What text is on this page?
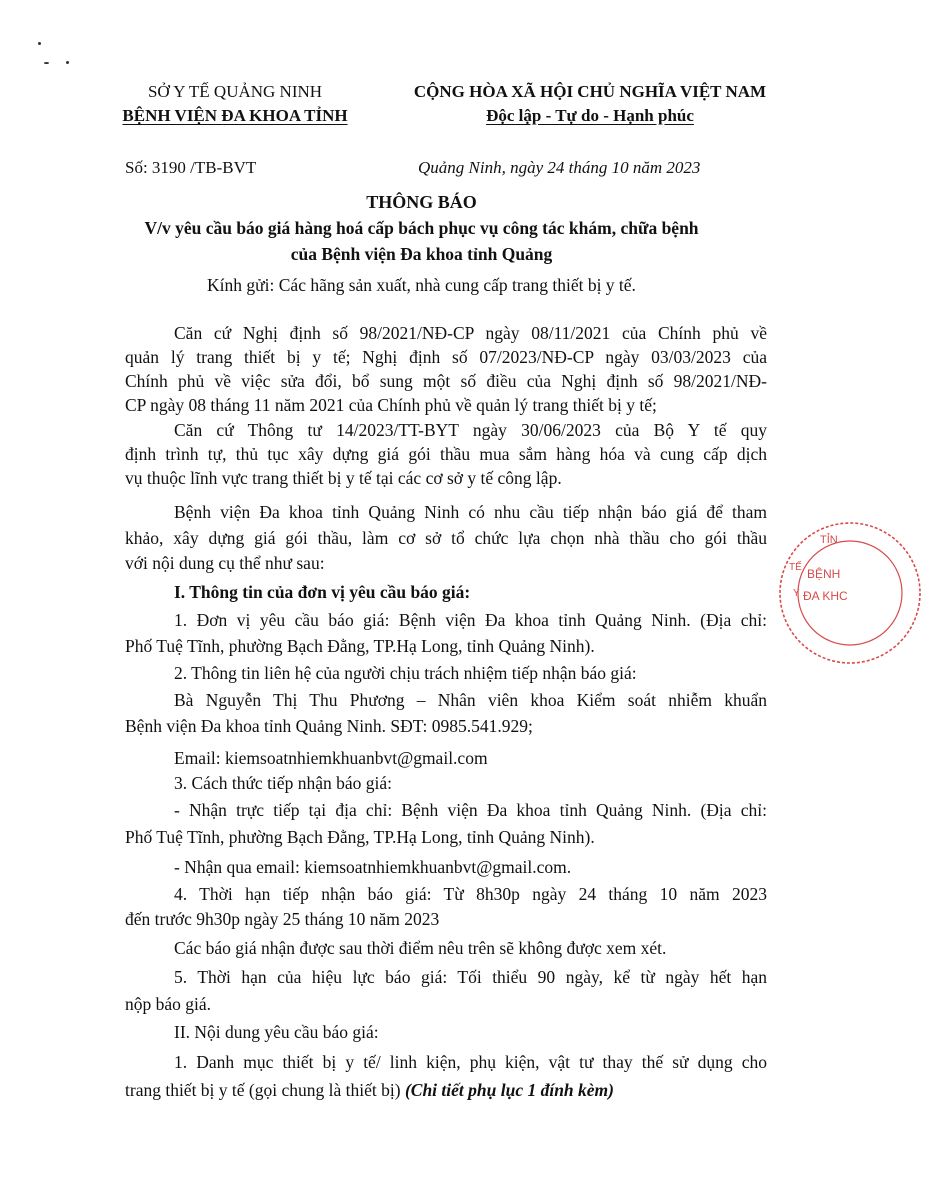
SỞ Y TẾ QUẢNG NINH
BỆNH VIỆN ĐA KHOA TỈNH
CỘNG HÒA XÃ HỘI CHỦ NGHĨA VIỆT NAM
Độc lập - Tự do - Hạnh phúc
Số: 3190 /TB-BVT	Quảng Ninh, ngày 24 tháng 10 năm 2023
THÔNG BÁO
V/v yêu cầu báo giá hàng hoá cấp bách phục vụ công tác khám, chữa bệnh
của Bệnh viện Đa khoa tỉnh Quảng
Kính gửi: Các hãng sản xuất, nhà cung cấp trang thiết bị y tế.
Căn cứ Nghị định số 98/2021/NĐ-CP ngày 08/11/2021 của Chính phủ về
quản lý trang thiết bị y tế; Nghị định số 07/2023/NĐ-CP ngày 03/03/2023 của
Chính phủ về việc sửa đổi, bổ sung một số điều của Nghị định số 98/2021/NĐ-
CP ngày 08 tháng 11 năm 2021 của Chính phủ về quản lý trang thiết bị y tế;
Căn cứ Thông tư 14/2023/TT-BYT ngày 30/06/2023 của Bộ Y tế quy
định trình tự, thủ tục xây dựng giá gói thầu mua sắm hàng hóa và cung cấp dịch
vụ thuộc lĩnh vực trang thiết bị y tế tại các cơ sở y tế công lập.
Bệnh viện Đa khoa tỉnh Quảng Ninh có nhu cầu tiếp nhận báo giá để tham
khảo, xây dựng giá gói thầu, làm cơ sở tổ chức lựa chọn nhà thầu cho gói thầu
với nội dung cụ thể như sau:
I. Thông tin của đơn vị yêu cầu báo giá:
1. Đơn vị yêu cầu báo giá: Bệnh viện Đa khoa tỉnh Quảng Ninh. (Địa chỉ:
Phố Tuệ Tĩnh, phường Bạch Đằng, TP.Hạ Long, tỉnh Quảng Ninh).
2. Thông tin liên hệ của người chịu trách nhiệm tiếp nhận báo giá:
Bà Nguyễn Thị Thu Phương – Nhân viên khoa Kiểm soát nhiễm khuẩn
Bệnh viện Đa khoa tỉnh Quảng Ninh. SĐT: 0985.541.929;
Email: kiemsoatnhiemkhuanbvt@gmail.com
3. Cách thức tiếp nhận báo giá:
- Nhận trực tiếp tại địa chỉ: Bệnh viện Đa khoa tỉnh Quảng Ninh. (Địa chỉ:
Phố Tuệ Tĩnh, phường Bạch Đằng, TP.Hạ Long, tỉnh Quảng Ninh).
- Nhận qua email: kiemsoatnhiemkhuanbvt@gmail.com.
4. Thời hạn tiếp nhận báo giá: Từ 8h30p ngày 24 tháng 10 năm 2023
đến trước 9h30p ngày 25 tháng 10 năm 2023
Các báo giá nhận được sau thời điểm nêu trên sẽ không được xem xét.
5. Thời hạn của hiệu lực báo giá: Tối thiểu 90 ngày, kể từ ngày hết hạn
nộp báo giá.
II. Nội dung yêu cầu báo giá:
1. Danh mục thiết bị y tế/ linh kiện, phụ kiện, vật tư thay thế sử dụng cho
trang thiết bị y tế (gọi chung là thiết bị) (Chi tiết phụ lục 1 đính kèm)
TỈN
TẾ
Y
BỆNH
ĐA KHC
